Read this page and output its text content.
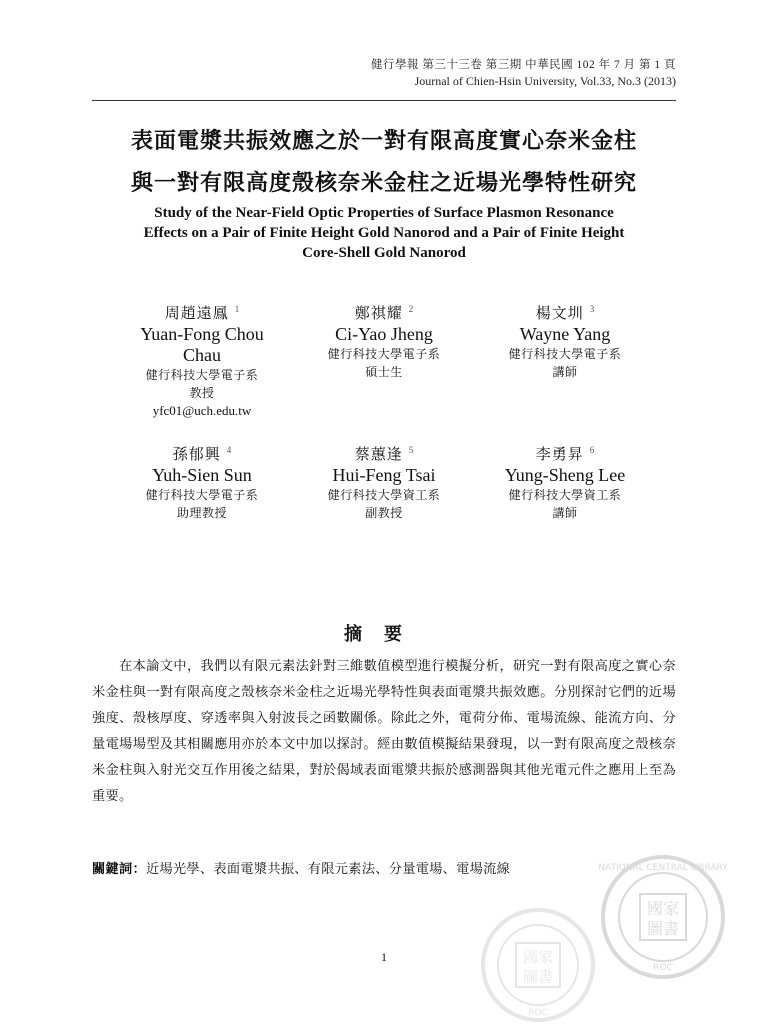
健行學報 第三十三卷 第三期 中華民國 102 年 7 月 第 1 頁
Journal of Chien-Hsin University, Vol.33, No.3 (2013)
表面電漿共振效應之於一對有限高度實心奈米金柱
與一對有限高度殼核奈米金柱之近場光學特性研究
Study of the Near-Field Optic Properties of Surface Plasmon Resonance
Effects on a Pair of Finite Height Gold Nanorod and a Pair of Finite Height
Core-Shell Gold Nanorod
周趙遠鳳 $^1$
Yuan-Fong Chou
Chau
健行科技大學電子系
教授
yfc01@uch.edu.tw
鄭祺耀 $^2$
Ci-Yao Jheng
健行科技大學電子系
碩士生
楊文圳 $^3$
Wayne Yang
健行科技大學電子系
講師
孫郁興 $^4$
Yuh-Sien Sun
健行科技大學電子系
助理教授
蔡蕙逢 $^5$
Hui-Feng Tsai
健行科技大學資工系
副教授
李勇昇 $^6$
Yung-Sheng Lee
健行科技大學資工系
講師
摘要
在本論文中，我們以有限元素法針對三維數值模型進行模擬分析，研究一對有限高度之實心奈米金柱與一對有限高度之殼核奈米金柱之近場光學特性與表面電漿共振效應。分別探討它們的近場強度、殼核厚度、穿透率與入射波長之函數關係。除此之外，電荷分佈、電場流線、能流方向、分量電場場型及其相關應用亦於本文中加以探討。經由數值模擬結果發現，以一對有限高度之殼核奈米金柱與入射光交互作用後之結果，對於偈域表面電漿共振於感測器與其他光電元件之應用上至為重要。
關鍵詞：近場光學、表面電漿共振、有限元素法、分量電場、電場流線
1
國家
圖書
NATIONAL CENTRAL LIBRARY
ROC
國家
圖書
ROC
